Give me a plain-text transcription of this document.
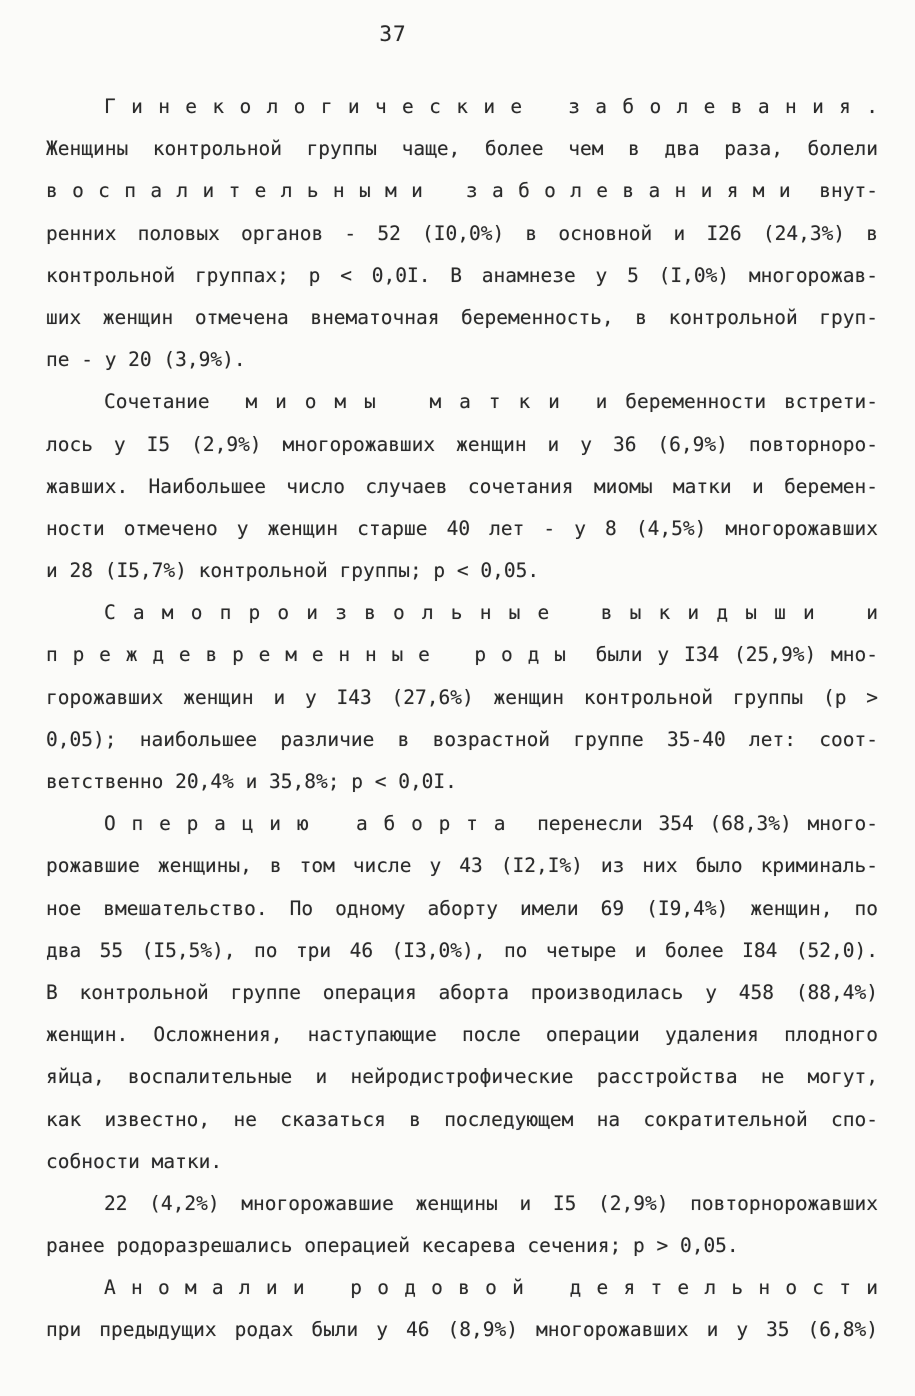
37
Г и н е к о л о г и ч е с к и е   з а б о л е в а н и я .
Женщины контрольной группы чаще, более чем в два раза, болели
в о с п а л и т е л ь н ы м и   з а б о л е в а н и я м и  внут-
ренних половых органов - 52 (I0,0%) в основной и I26 (24,3%) в
контрольной группах; р < 0,0I. В анамнезе у 5 (I,0%) многорожав-
ших женщин отмечена внематочная беременность, в контрольной груп-
пе - у 20 (3,9%).
Сочетание  м и о м ы   м а т к и  и беременности встрети-
лось у I5 (2,9%) многорожавших женщин и у 36 (6,9%) повторноро-
жавших. Наибольшее число случаев сочетания миомы матки и беремен-
ности отмечено у женщин старше 40 лет - у 8 (4,5%) многорожавших
и 28 (I5,7%) контрольной группы; р < 0,05.
С а м о п р о и з в о л ь н ы е   в ы к и д ы ш и   и
п р е ж д е в р е м е н н ы е   р о д ы  были у I34 (25,9%) мно-
горожавших женщин и у I43 (27,6%) женщин контрольной группы (р >
0,05); наибольшее различие в возрастной группе 35-40 лет: соот-
ветственно 20,4% и 35,8%; р < 0,0I.
О п е р а ц и ю   а б о р т а  перенесли 354 (68,3%) многo-
рожавшие женщины, в том числе у 43 (I2,I%) из них было криминаль-
ное вмешательство. По одному аборту имели 69 (I9,4%) женщин, по
два 55 (I5,5%), по три 46 (I3,0%), по четыре и более I84 (52,0).
В контрольной группе операция аборта производилась у 458 (88,4%)
женщин. Осложнения, наступающие после операции удаления плодного
яйца, воспалительные и нейродистрофические расстройства не могут,
как известно, не сказаться в последующем на сократительной спо-
собности матки.
22 (4,2%) многорожавшие женщины и I5 (2,9%) повторнорожавших
ранее родоразрешались операцией кесарева сечения; р > 0,05.
А н о м а л и и   р о д о в о й   д е я т е л ь н о с т и
при предыдущих родах были у 46 (8,9%) многорожавших и у 35 (6,8%)
